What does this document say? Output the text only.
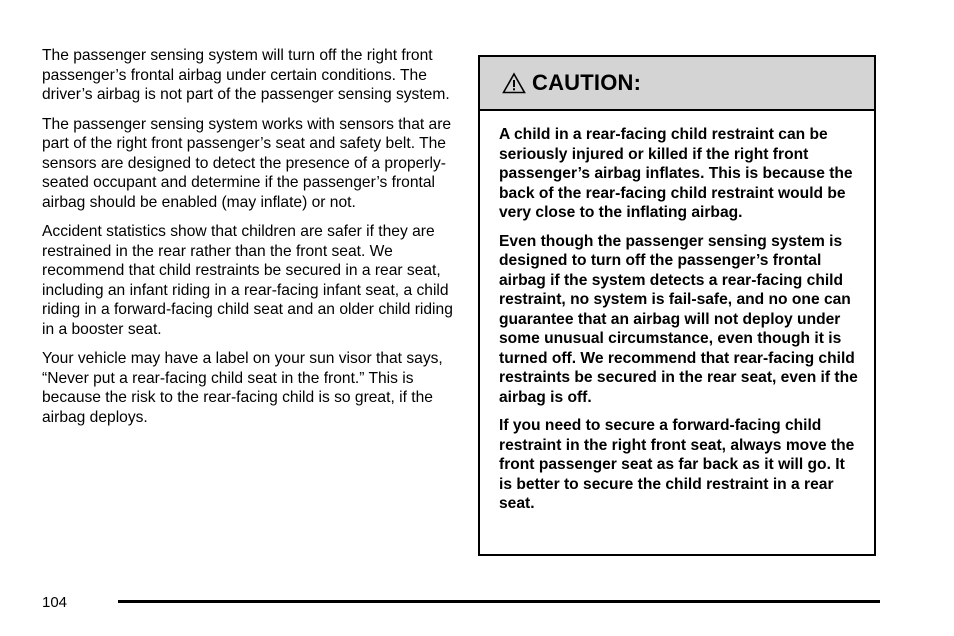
The passenger sensing system will turn off the right front passenger’s frontal airbag under certain conditions. The driver’s airbag is not part of the passenger sensing system.

The passenger sensing system works with sensors that are part of the right front passenger’s seat and safety belt. The sensors are designed to detect the presence of a properly-seated occupant and determine if the passenger’s frontal airbag should be enabled (may inflate) or not.

Accident statistics show that children are safer if they are restrained in the rear rather than the front seat. We recommend that child restraints be secured in a rear seat, including an infant riding in a rear-facing infant seat, a child riding in a forward-facing child seat and an older child riding in a booster seat.

Your vehicle may have a label on your sun visor that says, “Never put a rear-facing child seat in the front.” This is because the risk to the rear-facing child is so great, if the airbag deploys.

CAUTION:

A child in a rear-facing child restraint can be seriously injured or killed if the right front passenger’s airbag inflates. This is because the back of the rear-facing child restraint would be very close to the inflating airbag.

Even though the passenger sensing system is designed to turn off the passenger’s frontal airbag if the system detects a rear-facing child restraint, no system is fail-safe, and no one can guarantee that an airbag will not deploy under some unusual circumstance, even though it is turned off. We recommend that rear-facing child restraints be secured in the rear seat, even if the airbag is off.

If you need to secure a forward-facing child restraint in the right front seat, always move the front passenger seat as far back as it will go. It is better to secure the child restraint in a rear seat.

104
